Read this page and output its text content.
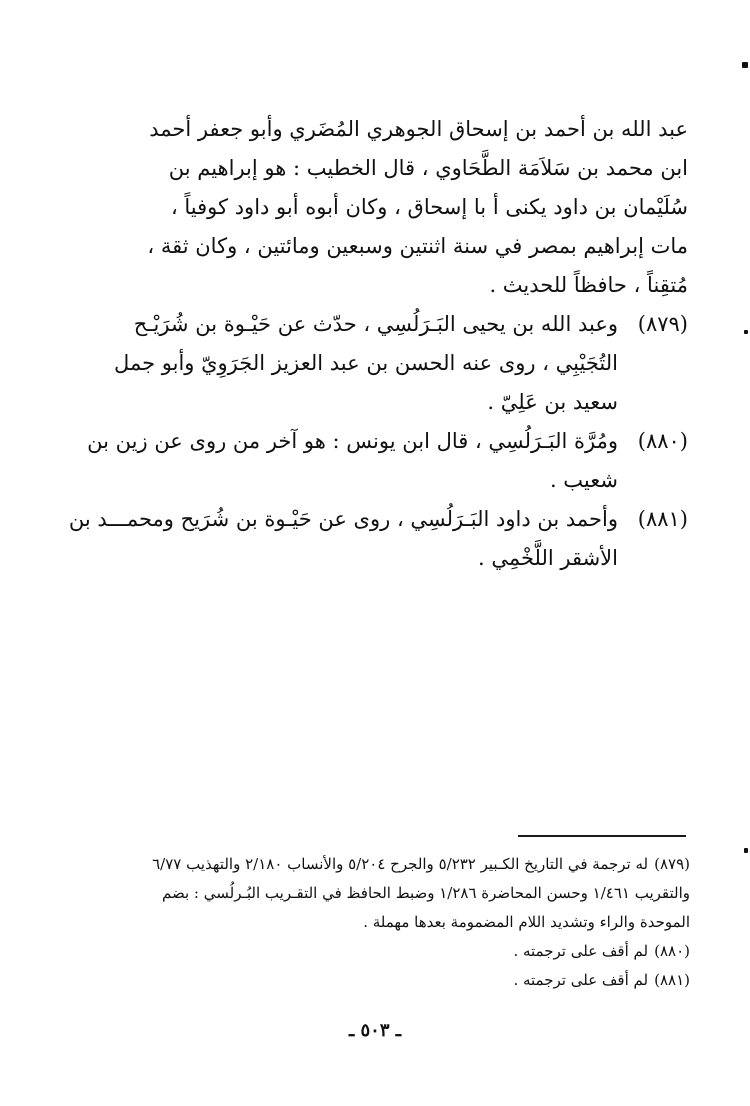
عبد الله بن أحمد بن إسحاق الجوهري المُضَري وأبو جعفر أحمد
ابن محمد بن سَلاَمَة الطَّحَاوي ، قال الخطيب : هو إبراهيم بن
سُلَيْمان بن داود يكنى أ با إسحاق ، وكان أبوه أبو داود كوفياً ،
مات إبراهيم بمصر في سنة اثنتين وسبعين ومائتين ، وكان ثقة ،
مُتقِناً ، حافظاً للحديث .
(٨٧٩)
وعبد الله بن يحيى البَـرَلُسِي ، حدّث عن حَيْـوة بن شُرَيْـح
التُجَيْبِي ، روى عنه الحسن بن عبد العزيز الجَرَوِيّ وأبو جمل
سعيد بن عَلِيّ .
(٨٨٠)
ومُرَّة البَـرَلُسِي ، قال ابن يونس : هو آخر من روى عن زين بن
شعيب .
(٨٨١)
وأحمد بن داود البَـرَلُسِي ، روى عن حَيْـوة بن شُرَيح ومحمـــد بن
الأشقر اللَّخْمِي .
(٨٧٩)له ترجمة في التاريخ الكـبير ٥/٢٣٢ والجرح ٥/٢٠٤ والأنساب ٢/١٨٠ والتهذيب ٦/٧٧
والتقريب ١/٤٦١ وحسن المحاضرة ١/٢٨٦ وضبط الحافظ في التقـريب البُـرلُسي : بضم
الموحدة والراء وتشديد اللام المضمومة بعدها مهملة .
(٨٨٠)لم أقف على ترجمته .
(٨٨١)لم أقف على ترجمته .
ـ ٥٠٣ ـ
